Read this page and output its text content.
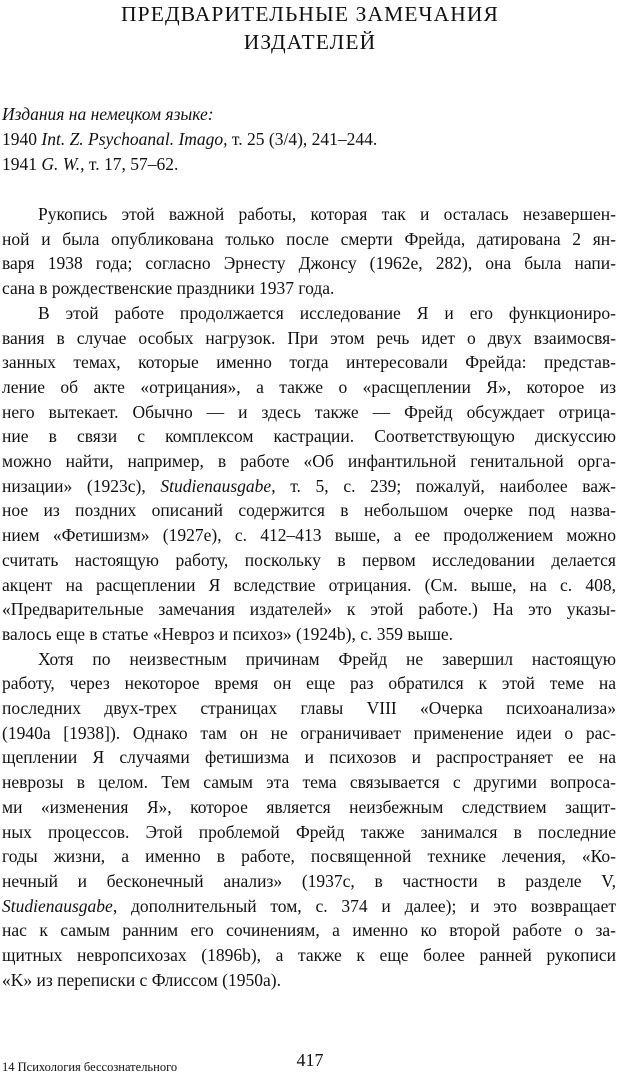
ПРЕДВАРИТЕЛЬНЫЕ ЗАМЕЧАНИЯ
ИЗДАТЕЛЕЙ
Издания на немецком языке:
1940 Int. Z. Psychoanal. Imago, т. 25 (3/4), 241–244.
1941 G. W., т. 17, 57–62.
Рукопись этой важной работы, которая так и осталась незавершен-
ной и была опубликована только после смерти Фрейда, датирована 2 ян-
варя 1938 года; согласно Эрнесту Джонсу (1962e, 282), она была напи-
сана в рождественские праздники 1937 года.
В этой работе продолжается исследование Я и его функциониро-
вания в случае особых нагрузок. При этом речь идет о двух взаимосвя-
занных темах, которые именно тогда интересовали Фрейда: представ-
ление об акте «отрицания», а также о «расщеплении Я», которое из
него вытекает. Обычно — и здесь также — Фрейд обсуждает отрица-
ние в связи с комплексом кастрации. Соответствующую дискуссию
можно найти, например, в работе «Об инфантильной генитальной орга-
низации» (1923c), Studienausgabe, т. 5, с. 239; пожалуй, наиболее важ-
ное из поздних описаний содержится в небольшом очерке под назва-
нием «Фетишизм» (1927e), с. 412–413 выше, а ее продолжением можно
считать настоящую работу, поскольку в первом исследовании делается
акцент на расщеплении Я вследствие отрицания. (См. выше, на с. 408,
«Предварительные замечания издателей» к этой работе.) На это указы-
валось еще в статье «Невроз и психоз» (1924b), с. 359 выше.
Хотя по неизвестным причинам Фрейд не завершил настоящую
работу, через некоторое время он еще раз обратился к этой теме на
последних двух-трех страницах главы VIII «Очерка психоанализа»
(1940a [1938]). Однако там он не ограничивает применение идеи о рас-
щеплении Я случаями фетишизма и психозов и распространяет ее на
неврозы в целом. Тем самым эта тема связывается с другими вопроса-
ми «изменения Я», которое является неизбежным следствием защит-
ных процессов. Этой проблемой Фрейд также занимался в последние
годы жизни, а именно в работе, посвященной технике лечения, «Ко-
нечный и бесконечный анализ» (1937c, в частности в разделе V,
Studienausgabe, дополнительный том, с. 374 и далее); и это возвращает
нас к самым ранним его сочинениям, а именно ко второй работе о за-
щитных невропсихозах (1896b), а также к еще более ранней рукописи
«K» из переписки с Флиссом (1950a).
14 Психология бессознательного	417
